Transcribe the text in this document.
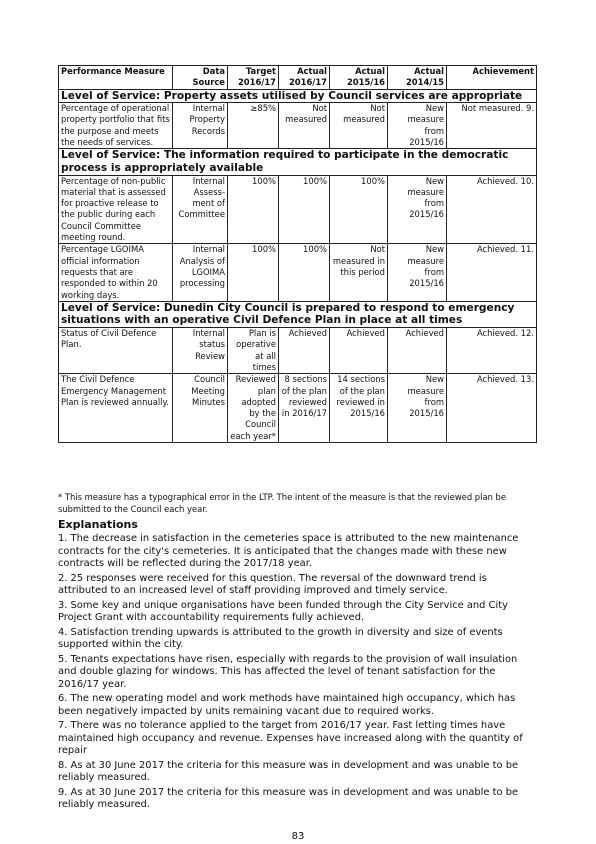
Performance Measure	Data Source	Target 2016/17	Actual 2016/17	Actual 2015/16	Actual 2014/15	Achievement
Level of Service: Property assets utilised by Council services are appropriate						
Percentage of operational property portfolio that fits the purpose and meets the needs of services.	Internal Property Records	≥85%	Not measured	Not measured	New measure from 2015/16	Not measured. 9.
Level of Service: The information required to participate in the democratic process is appropriately available						
Percentage of non-public material that is assessed for proactive release to the public during each Council Committee meeting round.	Internal Assess-ment of Committee	100%	100%	100%	New measure from 2015/16	Achieved. 10.
Percentage LGOIMA official information requests that are responded to within 20 working days.	Internal Analysis of LGOIMA processing	100%	100%	Not measured in this period	New measure from 2015/16	Achieved. 11.
Level of Service: Dunedin City Council is prepared to respond to emergency situations with an operative Civil Defence Plan in place at all times						
Status of Civil Defence Plan.	Internal status Review	Plan is operative at all times	Achieved	Achieved	Achieved	Achieved. 12.
The Civil Defence Emergency Management Plan is reviewed annually.	Council Meeting Minutes	Reviewed plan adopted by the Council each year*	8 sections of the plan reviewed in 2016/17	14 sections of the plan reviewed in 2015/16	New measure from 2015/16	Achieved. 13.
* This measure has a typographical error in the LTP. The intent of the measure is that the reviewed plan be submitted to the Council each year.
Explanations

1. The decrease in satisfaction in the cemeteries space is attributed to the new maintenance contracts for the city's cemeteries. It is anticipated that the changes made with these new contracts will be reflected during the 2017/18 year.

2. 25 responses were received for this question. The reversal of the downward trend is attributed to an increased level of staff providing improved and timely service.

3. Some key and unique organisations have been funded through the City Service and City Project Grant with accountability requirements fully achieved.

4. Satisfaction trending upwards is attributed to the growth in diversity and size of events supported within the city.

5. Tenants expectations have risen, especially with regards to the provision of wall insulation and double glazing for windows. This has affected the level of tenant satisfaction for the 2016/17 year.

6. The new operating model and work methods have maintained high occupancy, which has been negatively impacted by units remaining vacant due to required works.

7. There was no tolerance applied to the target from 2016/17 year. Fast letting times have maintained high occupancy and revenue. Expenses have increased along with the quantity of repair

8. As at 30 June 2017 the criteria for this measure was in development and was unable to be reliably measured.

9. As at 30 June 2017 the criteria for this measure was in development and was unable to be reliably measured.

83
